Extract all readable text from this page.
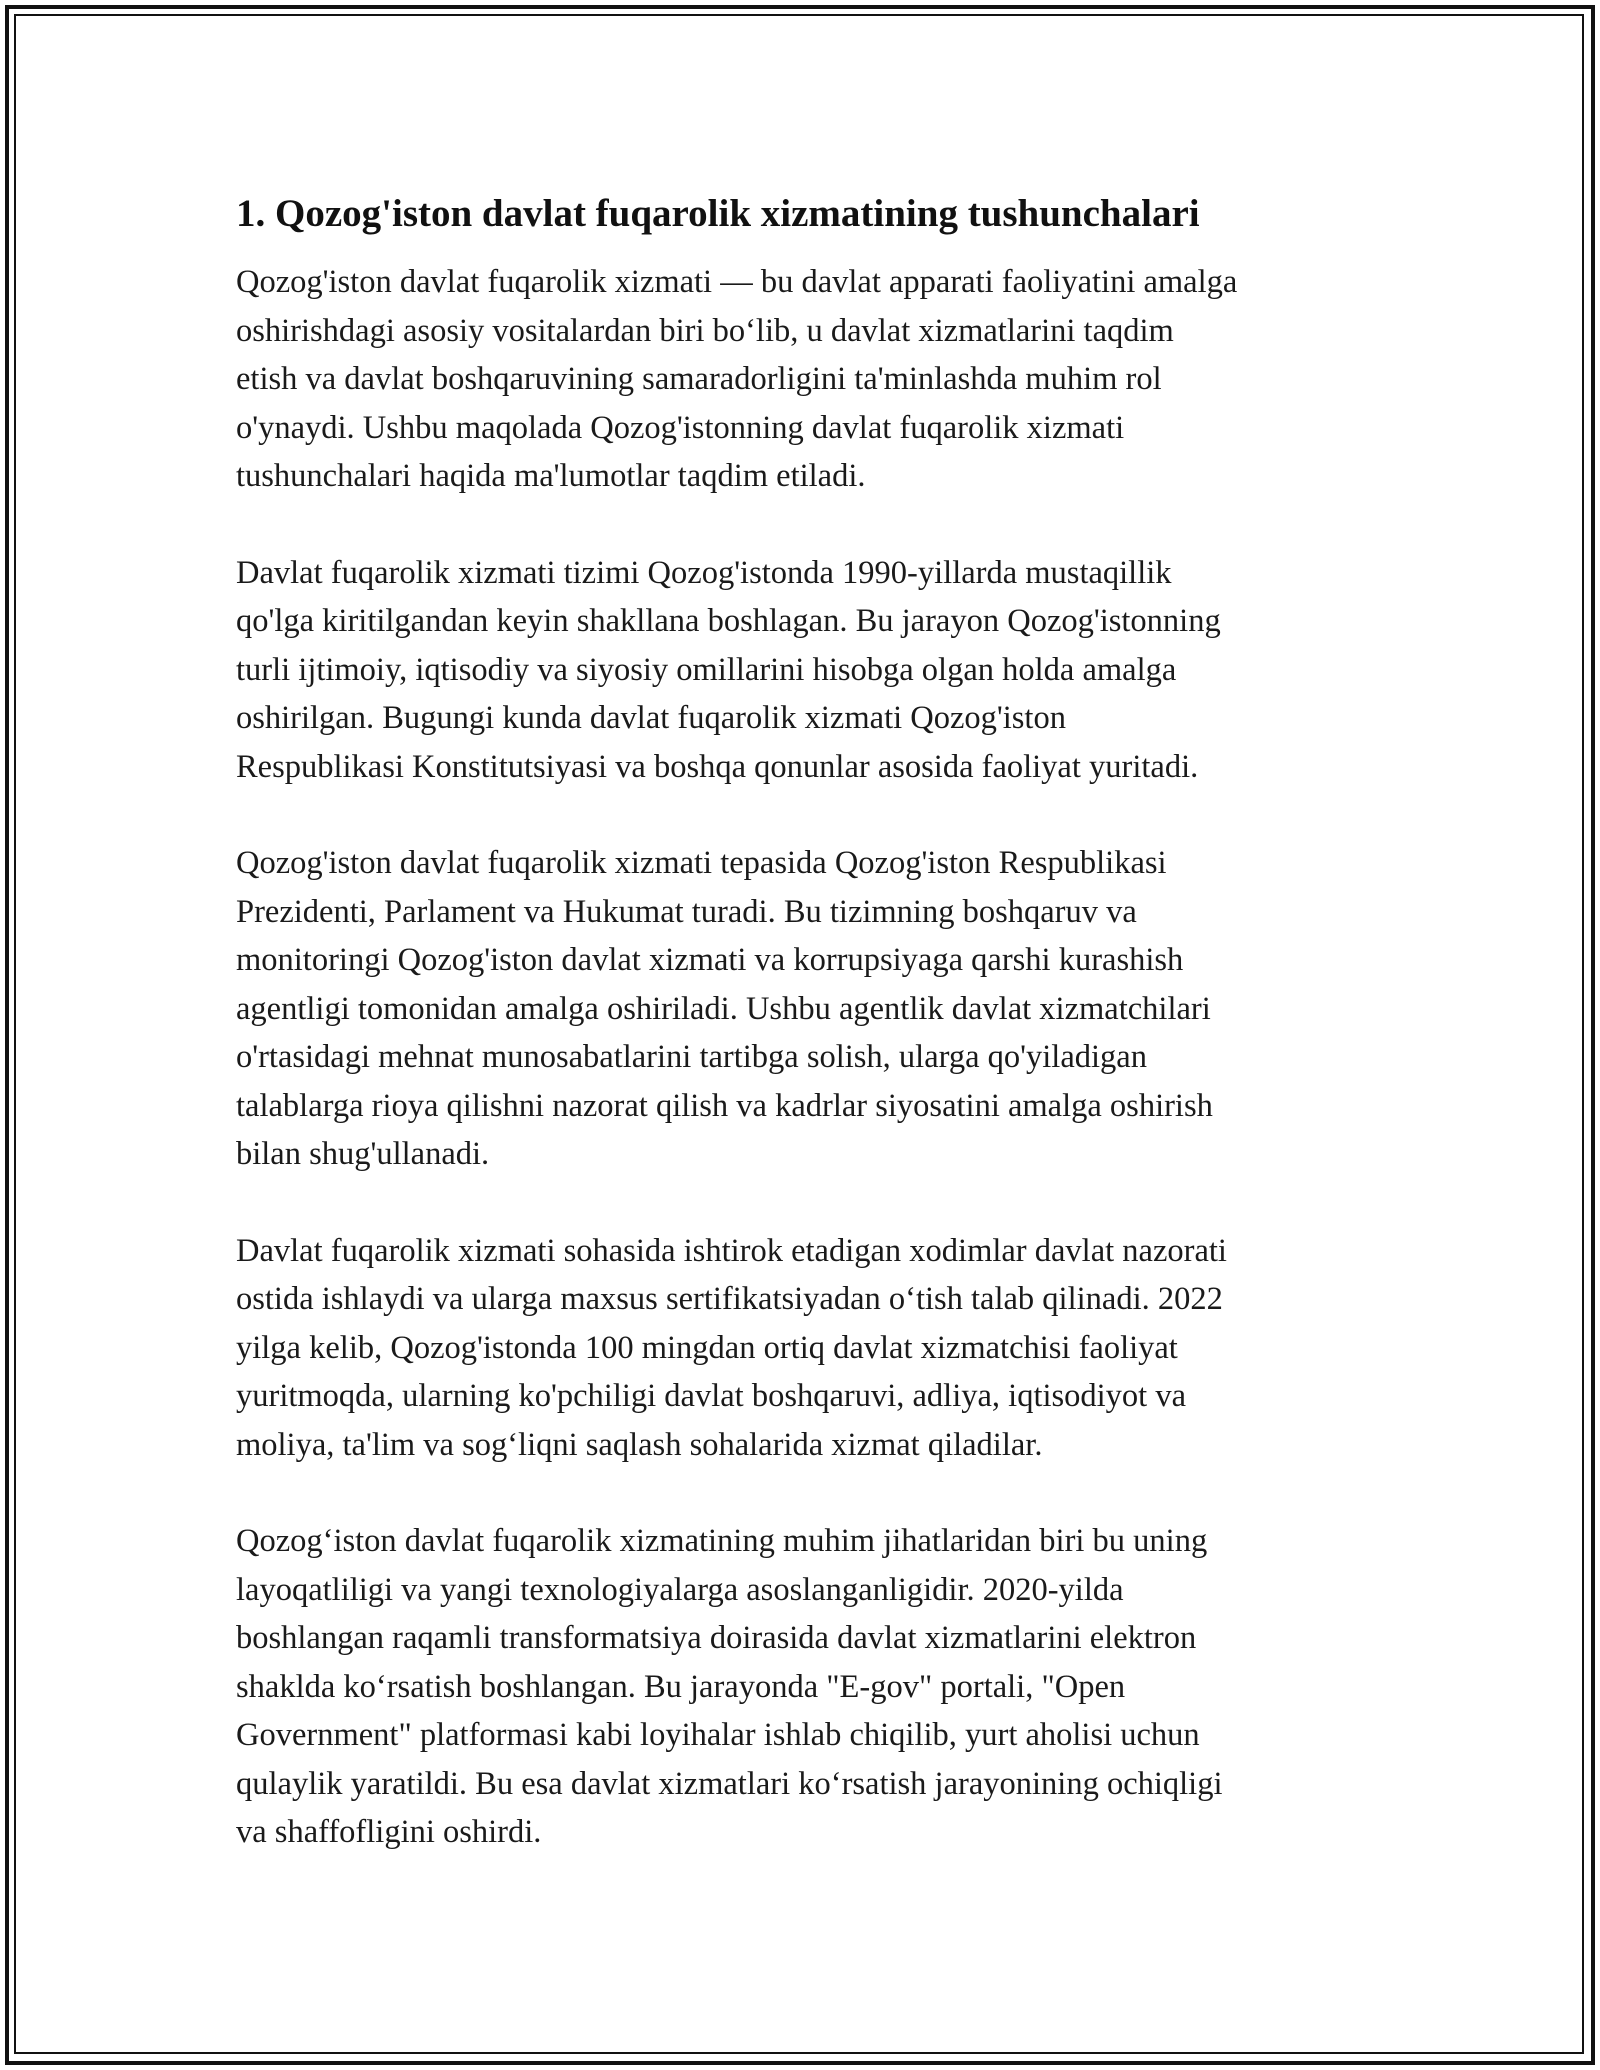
1. Qozog'iston davlat fuqarolik xizmatining tushunchalari

Qozog'iston davlat fuqarolik xizmati — bu davlat apparati faoliyatini amalga
oshirishdagi asosiy vositalardan biri bo‘lib, u davlat xizmatlarini taqdim
etish va davlat boshqaruvining samaradorligini ta'minlashda muhim rol
o'ynaydi. Ushbu maqolada Qozog'istonning davlat fuqarolik xizmati
tushunchalari haqida ma'lumotlar taqdim etiladi.

Davlat fuqarolik xizmati tizimi Qozog'istonda 1990-yillarda mustaqillik
qo'lga kiritilgandan keyin shakllana boshlagan. Bu jarayon Qozog'istonning
turli ijtimoiy, iqtisodiy va siyosiy omillarini hisobga olgan holda amalga
oshirilgan. Bugungi kunda davlat fuqarolik xizmati Qozog'iston
Respublikasi Konstitutsiyasi va boshqa qonunlar asosida faoliyat yuritadi.

Qozog'iston davlat fuqarolik xizmati tepasida Qozog'iston Respublikasi
Prezidenti, Parlament va Hukumat turadi. Bu tizimning boshqaruv va
monitoringi Qozog'iston davlat xizmati va korrupsiyaga qarshi kurashish
agentligi tomonidan amalga oshiriladi. Ushbu agentlik davlat xizmatchilari
o'rtasidagi mehnat munosabatlarini tartibga solish, ularga qo'yiladigan
talablarga rioya qilishni nazorat qilish va kadrlar siyosatini amalga oshirish
bilan shug'ullanadi.

Davlat fuqarolik xizmati sohasida ishtirok etadigan xodimlar davlat nazorati
ostida ishlaydi va ularga maxsus sertifikatsiyadan o‘tish talab qilinadi. 2022
yilga kelib, Qozog'istonda 100 mingdan ortiq davlat xizmatchisi faoliyat
yuritmoqda, ularning ko'pchiligi davlat boshqaruvi, adliya, iqtisodiyot va
moliya, ta'lim va sog‘liqni saqlash sohalarida xizmat qiladilar.

Qozog‘iston davlat fuqarolik xizmatining muhim jihatlaridan biri bu uning
layoqatliligi va yangi texnologiyalarga asoslanganligidir. 2020-yilda
boshlangan raqamli transformatsiya doirasida davlat xizmatlarini elektron
shaklda ko‘rsatish boshlangan. Bu jarayonda "E-gov" portali, "Open
Government" platformasi kabi loyihalar ishlab chiqilib, yurt aholisi uchun
qulaylik yaratildi. Bu esa davlat xizmatlari ko‘rsatish jarayonining ochiqligi
va shaffofligini oshirdi.
